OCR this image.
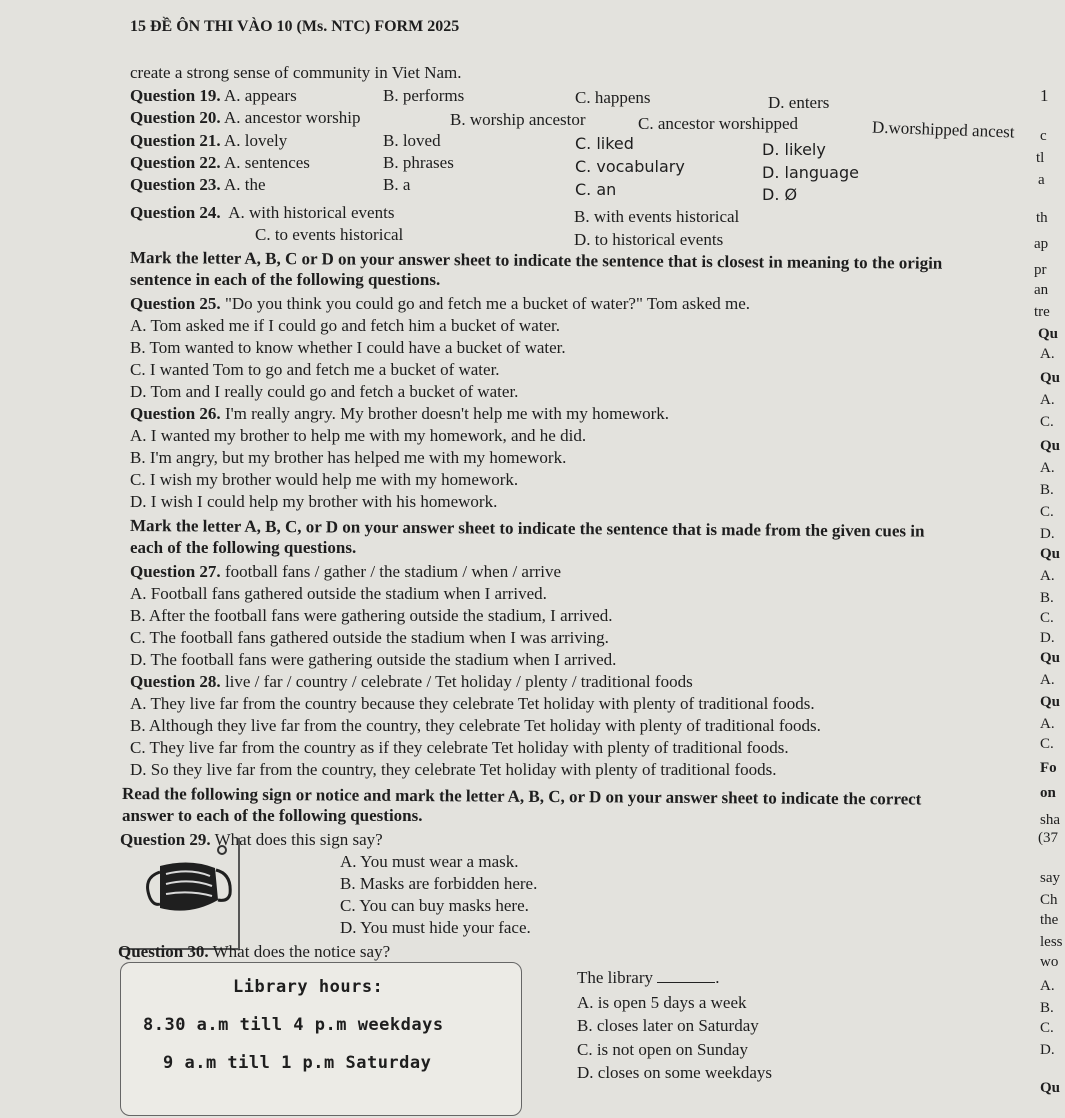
15 ĐỀ ÔN THI VÀO 10 (Ms. NTC) FORM 2025
create a strong sense of community in Viet Nam.
1
Question 19. A. appears	B. performs	C. happens	D. enters
Question 20. A. ancestor worship	B. worship ancestor	C. ancestor worshipped	D.worshipped ancest
Question 21. A. lovely	B. loved	C. liked	D. likely
Question 22. A. sentences	B. phrases	C. vocabulary	D. language
Question 23. A. the	B. a	C. an	D. Ø
Question 24. A. with historical events	B. with events historical
C. to events historical	D. to historical events
Mark the letter A, B, C or D on your answer sheet to indicate the sentence that is closest in meaning to the origin
sentence in each of the following questions.
Question 25. "Do you think you could go and fetch me a bucket of water?" Tom asked me.
A. Tom asked me if I could go and fetch him a bucket of water.
B. Tom wanted to know whether I could have a bucket of water.
C. I wanted Tom to go and fetch me a bucket of water.
D. Tom and I really could go and fetch a bucket of water.
Question 26. I'm really angry. My brother doesn't help me with my homework.
A. I wanted my brother to help me with my homework, and he did.
B. I'm angry, but my brother has helped me with my homework.
C. I wish my brother would help me with my homework.
D. I wish I could help my brother with his homework.
Mark the letter A, B, C, or D on your answer sheet to indicate the sentence that is made from the given cues in
each of the following questions.
Question 27. football fans / gather / the stadium / when / arrive
A. Football fans gathered outside the stadium when I arrived.
B. After the football fans were gathering outside the stadium, I arrived.
C. The football fans gathered outside the stadium when I was arriving.
D. The football fans were gathering outside the stadium when I arrived.
Question 28. live / far / country / celebrate / Tet holiday / plenty / traditional foods
A. They live far from the country because they celebrate Tet holiday with plenty of traditional foods.
B. Although they live far from the country, they celebrate Tet holiday with plenty of traditional foods.
C. They live far from the country as if they celebrate Tet holiday with plenty of traditional foods.
D. So they live far from the country, they celebrate Tet holiday with plenty of traditional foods.
Read the following sign or notice and mark the letter A, B, C, or D on your answer sheet to indicate the correct
answer to each of the following questions.
Question 29. What does this sign say?
A. You must wear a mask.
B. Masks are forbidden here.
C. You can buy masks here.
D. You must hide your face.
Question 30. What does the notice say?
Library hours:
8.30 a.m till 4 p.m weekdays
9 a.m till 1 p.m Saturday
The library	.
A. is open 5 days a week
B. closes later on Saturday
C. is not open on Sunday
D. closes on some weekdays
c
tl
a
th
ap
pr
an
tre
Qu
A.
Qu
A.
C.
Qu
A.
B.
C.
D.
Qu
A.
B.
C.
D.
Qu
A.
Qu
A.
C.
Fo
on
sha
(37
say
Ch
the
less
wo
A.
B.
C.
D.
Qu
